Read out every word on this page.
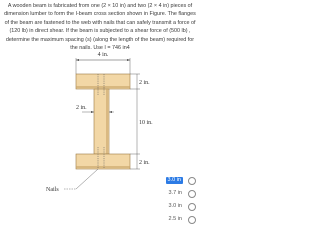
A wooden beam is fabricated from one (2 × 10 in) and two (2 × 4 in) pieces of
dimension lumber to form the I-beam cross section shown in Figure. The flanges
of the beam are fastened to the web with nails that can safely transmit a force of
(120 lb) in direct shear. If the beam is subjected to a shear force of (500 lb) ,
determine the maximum spacing (s) (along the length of the beam) required for
the nails. Use I = 746 in4
4 in.
Nails
2 in.
10 in.
2 in.
2 in.
3.0 in
3.7 in
3.0 in
2.5 in
